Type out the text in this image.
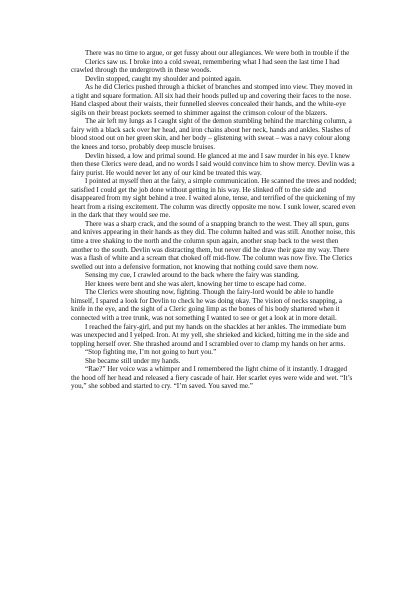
There was no time to argue, or get fussy about our allegiances. We were both in trouble if the

Clerics saw us. I broke into a cold sweat, remembering what I had seen the last time I had crawled through the undergrowth in these woods.

Devlin stopped, caught my shoulder and pointed again.

As he did Clerics pushed through a thicket of branches and stomped into view. They moved in a tight and square formation. All six had their hoods pulled up and covering their faces to the nose. Hand clasped about their waists, their funnelled sleeves concealed their hands, and the white-eye sigils on their breast pockets seemed to shimmer against the crimson colour of the blazers.

The air left my lungs as I caught sight of the demon stumbling behind the marching column, a fairy with a black sack over her head, and iron chains about her neck, hands and ankles. Slashes of blood stood out on her green skin, and her body – glistening with sweat – was a navy colour along the knees and torso, probably deep muscle bruises.

Devlin hissed, a low and primal sound. He glanced at me and I saw murder in his eye. I knew then these Clerics were dead, and no words I said would convince him to show mercy. Devlin was a fairy purist. He would never let any of our kind be treated this way.

I pointed at myself then at the fairy, a simple communication. He scanned the trees and nodded; satisfied I could get the job done without getting in his way. He slinked off to the side and disappeared from my sight behind a tree. I waited alone, tense, and terrified of the quickening of my heart from a rising excitement. The column was directly opposite me now. I sunk lower, scared even in the dark that they would see me.

There was a sharp crack, and the sound of a snapping branch to the west. They all spun, guns and knives appearing in their hands as they did. The column halted and was still. Another noise, this time a tree shaking to the north and the column spun again, another snap back to the west then another to the south. Devlin was distracting them, but never did he draw their gaze my way. There was a flash of white and a scream that choked off mid-flow. The column was now five. The Clerics swelled out into a defensive formation, not knowing that nothing could save them now.

Sensing my cue, I crawled around to the back where the fairy was standing.

Her knees were bent and she was alert, knowing her time to escape had come.

The Clerics were shouting now, fighting. Though the fairy-lord would be able to handle himself, I spared a look for Devlin to check he was doing okay. The vision of necks snapping, a knife in the eye, and the sight of a Cleric going limp as the bones of his body shattered when it connected with a tree trunk, was not something I wanted to see or get a look at in more detail.

I reached the fairy-girl, and put my hands on the shackles at her ankles. The immediate bum was unexpected and I yelped. Iron. At my yell, she shrieked and kicked, hitting me in the side and toppling herself over. She thrashed around and I scrambled over to clamp my hands on her arms.

“Stop fighting me, I’m not going to hurt you.”

She became still under my hands.

“Rae?” Her voice was a whimper and I remembered the light chime of it instantly. I dragged the hood off her head and released a fiery cascade of hair. Her scarlet eyes were wide and wet. “It’s you,” she sobbed and started to cry. “I’m saved. You saved me.”
